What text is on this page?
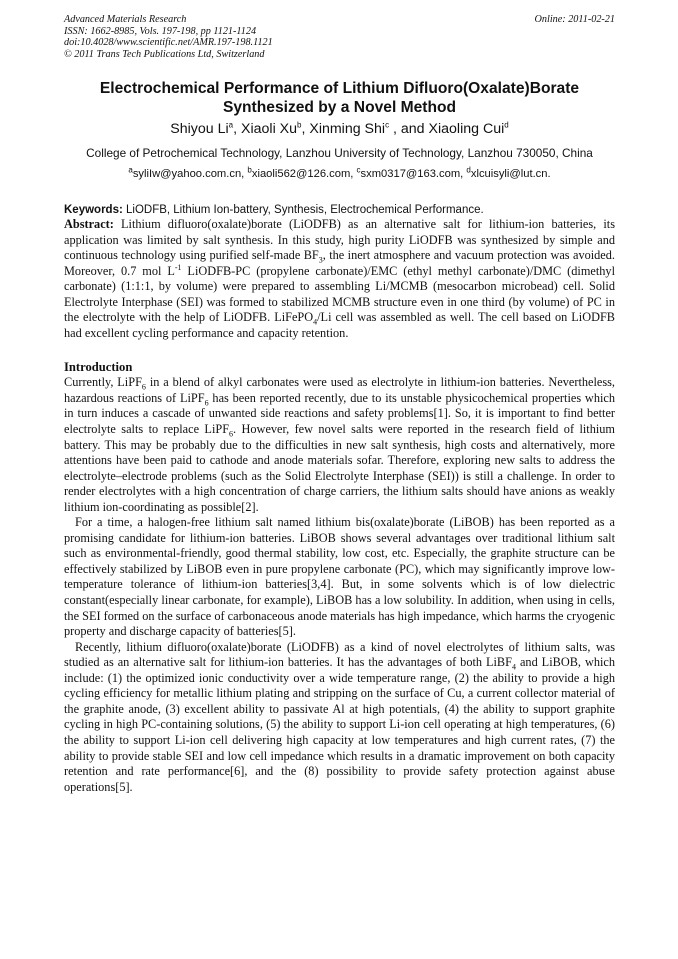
Advanced Materials Research	Online: 2011-02-21
ISSN: 1662-8985, Vols. 197-198, pp 1121-1124
doi:10.4028/www.scientific.net/AMR.197-198.1121
© 2011 Trans Tech Publications Ltd, Switzerland
Electrochemical Performance of Lithium Difluoro(Oxalate)Borate
Synthesized by a Novel Method
Shiyou Li$^a$, Xiaoli Xu$^b$, Xinming Shi$^c$ , and Xiaoling Cui$^d$
College of Petrochemical Technology, Lanzhou University of Technology, Lanzhou 730050, China
$^a$syliIw@yahoo.com.cn, $^b$xiaoli562@126.com, $^c$sxm0317@163.com, $^d$xlcuisyli@lut.cn.
Keywords: LiODFB, Lithium Ion-battery, Synthesis, Electrochemical Performance.

Abstract: Lithium difluoro(oxalate)borate (LiODFB) as an alternative salt for lithium-ion batteries, its application was limited by salt synthesis. In this study, high purity LiODFB was synthesized by simple and continuous technology using purified self-made $BF_3$, the inert atmosphere and vacuum protection was avoided. Moreover, 0.7 mol $L^{-1}$ LiODFB-PC (propylene carbonate)/EMC (ethyl methyl carbonate)/DMC (dimethyl carbonate) (1:1:1, by volume) were prepared to assembling Li/MCMB (mesocarbon microbead) cell. Solid Electrolyte Interphase (SEI) was formed to stabilized MCMB structure even in one third (by volume) of PC in the electrolyte with the help of LiODFB. LiFePO$_4$/Li cell was assembled as well. The cell based on LiODFB had excellent cycling performance and capacity retention.

Introduction

Currently, LiPF$_6$ in a blend of alkyl carbonates were used as electrolyte in lithium-ion batteries. Nevertheless, hazardous reactions of LiPF$_6$ has been reported recently, due to its unstable physicochemical properties which in turn induces a cascade of unwanted side reactions and safety problems[1]. So, it is important to find better electrolyte salts to replace LiPF$_6$. However, few novel salts were reported in the research field of lithium battery. This may be probably due to the difficulties in new salt synthesis, high costs and alternatively, more attentions have been paid to cathode and anode materials sofar. Therefore, exploring new salts to address the electrolyte–electrode problems (such as the Solid Electrolyte Interphase (SEI)) is still a challenge. In order to render electrolytes with a high concentration of charge carriers, the lithium salts should have anions as weakly lithium ion-coordinating as possible[2].

For a time, a halogen-free lithium salt named lithium bis(oxalate)borate (LiBOB) has been reported as a promising candidate for lithium-ion batteries. LiBOB shows several advantages over traditional lithium salt such as environmental-friendly, good thermal stability, low cost, etc. Especially, the graphite structure can be effectively stabilized by LiBOB even in pure propylene carbonate (PC), which may significantly improve low-temperature tolerance of lithium-ion batteries[3,4]. But, in some solvents which is of low dielectric constant(especially linear carbonate, for example), LiBOB has a low solubility. In addition, when using in cells, the SEI formed on the surface of carbonaceous anode materials has high impedance, which harms the cryogenic property and discharge capacity of batteries[5].

Recently, lithium difluoro(oxalate)borate (LiODFB) as a kind of novel electrolytes of lithium salts, was studied as an alternative salt for lithium-ion batteries. It has the advantages of both LiBF$_4$ and LiBOB, which include: (1) the optimized ionic conductivity over a wide temperature range, (2) the ability to provide a high cycling efficiency for metallic lithium plating and stripping on the surface of Cu, a current collector material of the graphite anode, (3) excellent ability to passivate Al at high potentials, (4) the ability to support graphite cycling in high PC-containing solutions, (5) the ability to support Li-ion cell operating at high temperatures, (6) the ability to support Li-ion cell delivering high capacity at low temperatures and high current rates, (7) the ability to provide stable SEI and low cell impedance which results in a dramatic improvement on both capacity retention and rate performance[6], and the (8) possibility to provide safety protection against abuse operations[5].
